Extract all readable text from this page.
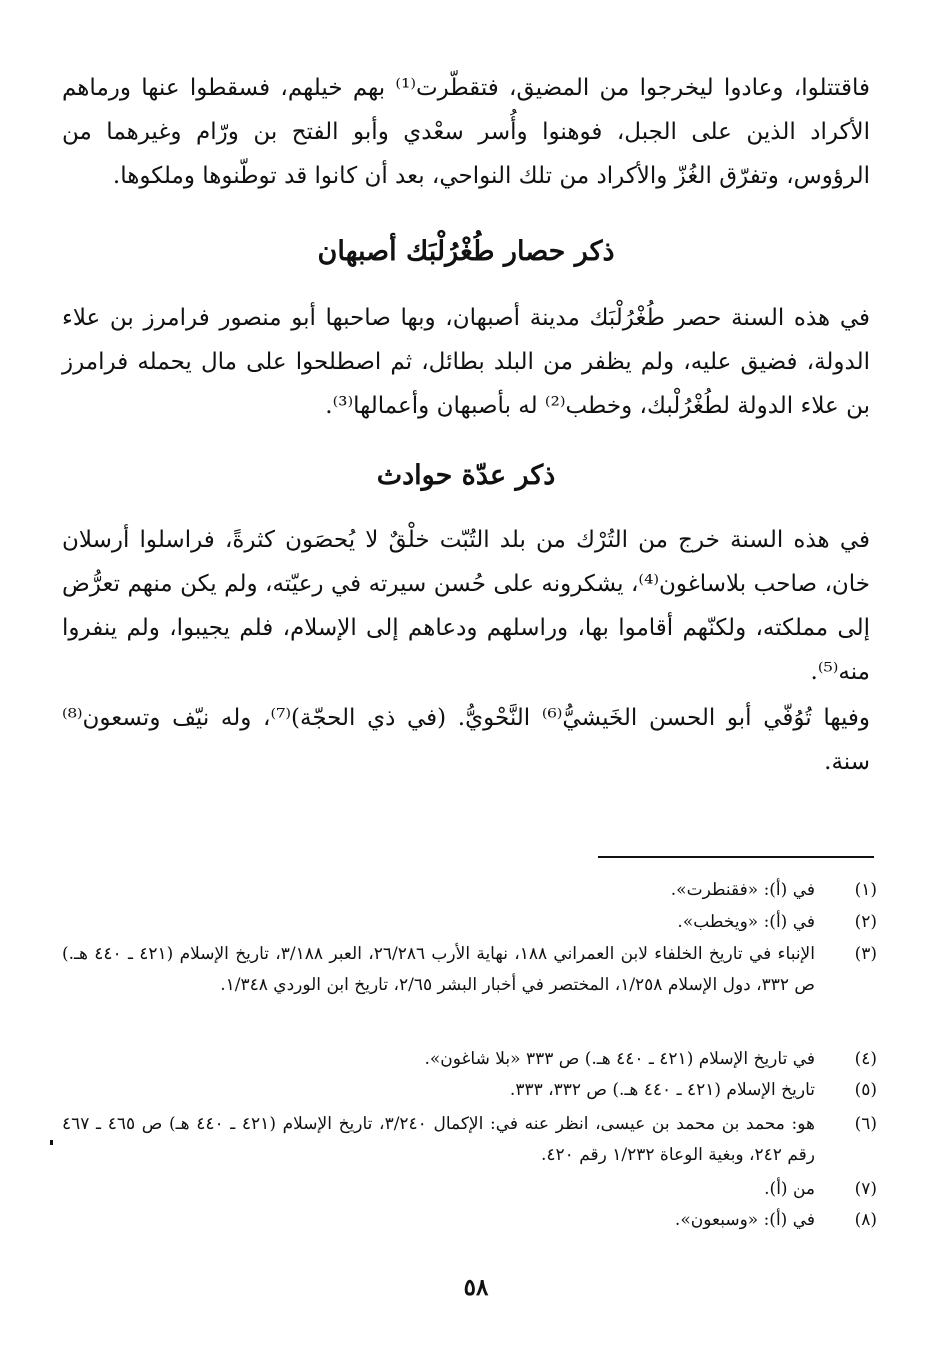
فاقتتلوا، وعادوا ليخرجوا من المضيق، فتقطّرت⁽¹⁾ بهم خيلهم، فسقطوا عنها ورماهم الأكراد الذين على الجبل، فوهنوا وأُسر سعْدي وأبو الفتح بن ورّام وغيرهما من الرؤوس، وتفرّق الغُزّ والأكراد من تلك النواحي، بعد أن كانوا قد توطّنوها وملكوها.

ذكر حصار طُغْرُلْبَك أصبهان

في هذه السنة حصر طُغْرُلْبَك مدينة أصبهان، وبها صاحبها أبو منصور فرامرز بن علاء الدولة، فضيق عليه، ولم يظفر من البلد بطائل، ثم اصطلحوا على مال يحمله فرامرز بن علاء الدولة لطُغْرُلْبك، وخطب⁽²⁾ له بأصبهان وأعمالها⁽³⁾.

ذكر عدّة حوادث

في هذه السنة خرج من التُرْك من بلد التُبّت خلْقٌ لا يُحصَون كثرةً، فراسلوا أرسلان خان، صاحب بلاساغون⁽⁴⁾، يشكرونه على حُسن سيرته في رعيّته، ولم يكن منهم تعرُّض إلى مملكته، ولكنّهم أقاموا بها، وراسلهم ودعاهم إلى الإسلام، فلم يجيبوا، ولم ينفروا منه⁽⁵⁾.

وفيها تُوُفّي أبو الحسن الخَيشيُّ⁽⁶⁾ النَّحْويُّ. (في ذي الحجّة)⁽⁷⁾، وله نيّف وتسعون⁽⁸⁾ سنة.

(١)
في (أ): «فقنطرت».
(٢)
في (أ): «ويخطب».
(٣)
الإنباء في تاريخ الخلفاء لابن العمراني ١٨٨، نهاية الأرب ٢٦/٢٨٦، العبر ٣/١٨٨، تاريخ الإسلام (٤٢١ ـ ٤٤٠ هـ.) ص ٣٣٢، دول الإسلام ١/٢٥٨، المختصر في أخبار البشر ٢/٦٥، تاريخ ابن الوردي ١/٣٤٨.
(٤)
في تاريخ الإسلام (٤٢١ ـ ٤٤٠ هـ.) ص ٣٣٣ «بلا شاغون».
(٥)
تاريخ الإسلام (٤٢١ ـ ٤٤٠ هـ.) ص ٣٣٢، ٣٣٣.
(٦)
هو: محمد بن محمد بن عيسى، انظر عنه في: الإكمال ٣/٢٤٠، تاريخ الإسلام (٤٢١ ـ ٤٤٠ هـ) ص ٤٦٥ ـ ٤٦٧ رقم ٢٤٢، وبغية الوعاة ١/٢٣٢ رقم ٤٢٠.
(٧)
من (أ).
(٨)
في (أ): «وسبعون».
٥٨
